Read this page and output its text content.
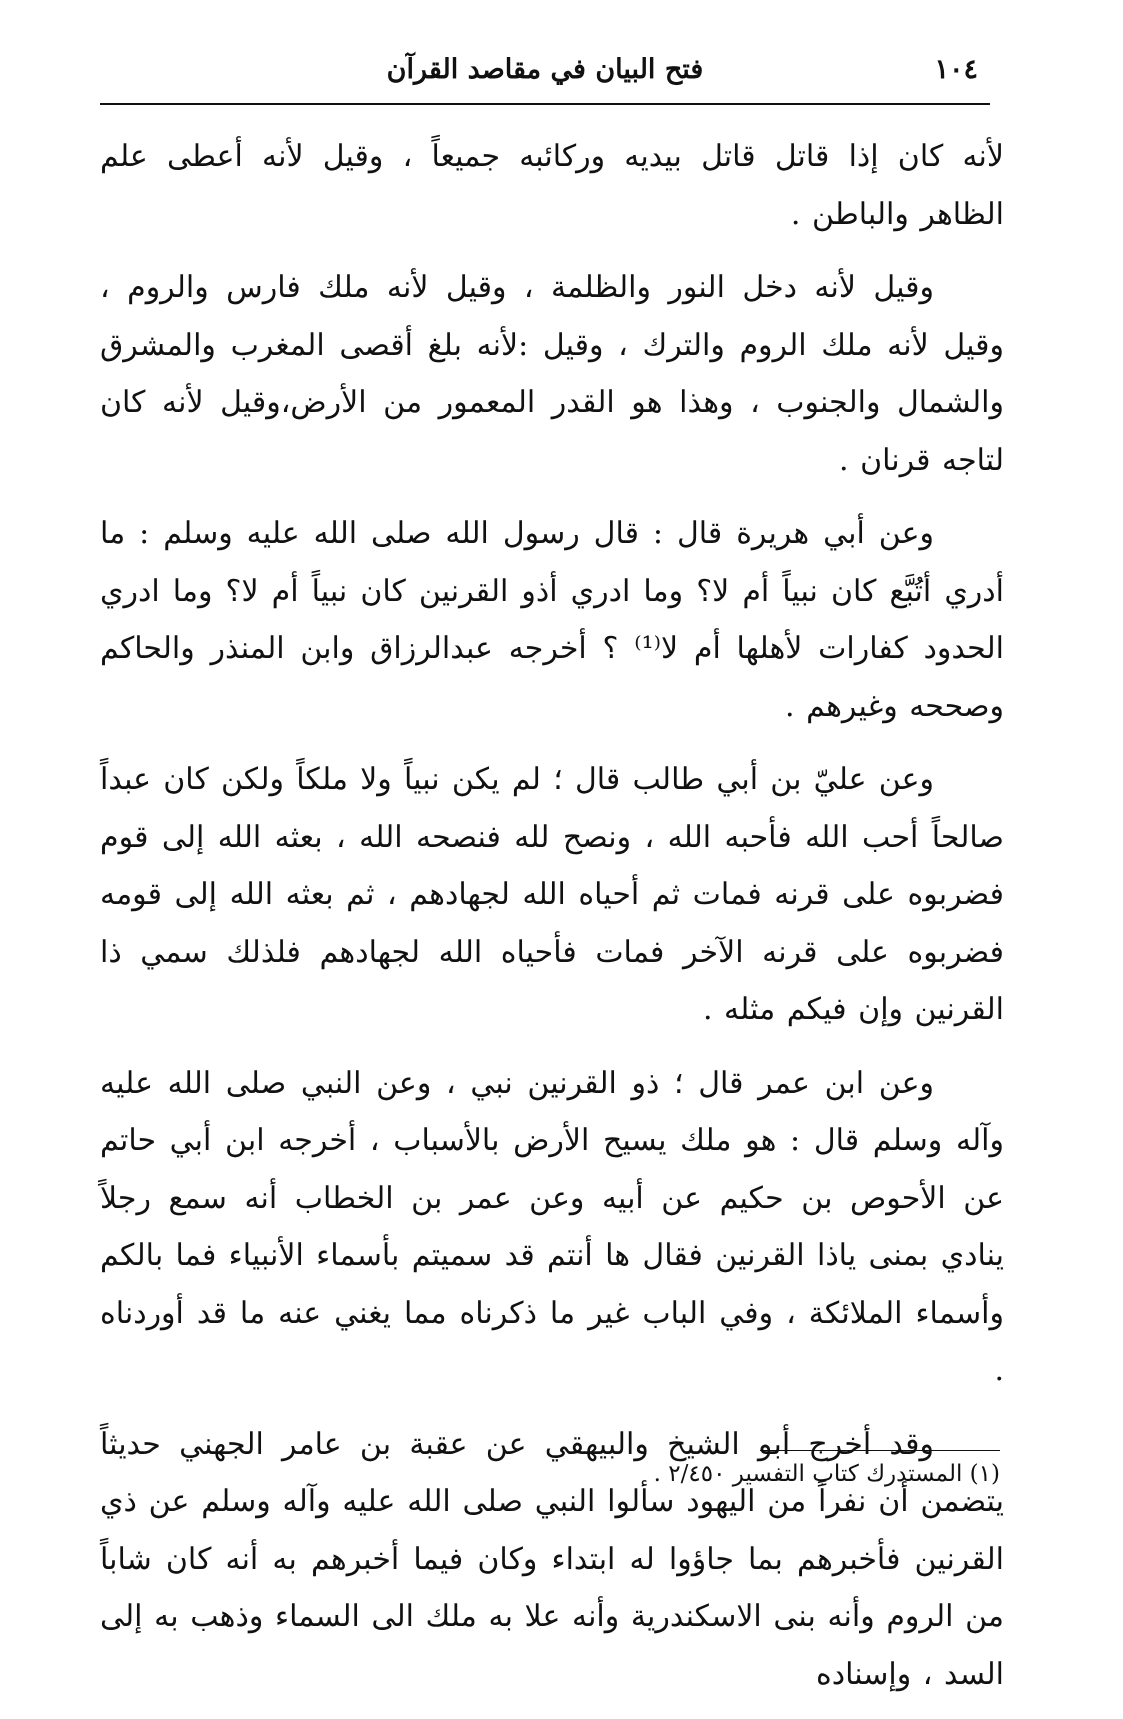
١٠٤
فتح البيان في مقاصد القرآن

لأنه كان إذا قاتل قاتل بيديه وركائبه جميعاً ، وقيل لأنه أعطى علم الظاهر والباطن .

وقيل لأنه دخل النور والظلمة ، وقيل لأنه ملك فارس والروم ، وقيل لأنه ملك الروم والترك ، وقيل :لأنه بلغ أقصى المغرب والمشرق والشمال والجنوب ، وهذا هو القدر المعمور من الأرض،وقيل لأنه كان لتاجه قرنان .

وعن أبي هريرة قال : قال رسول الله صلى الله عليه وسلم : ما أدري أتُبَّع كان نبياً أم لا؟ وما ادري أذو القرنين كان نبياً أم لا؟ وما ادري الحدود كفارات لأهلها أم لا⁽¹⁾ ؟ أخرجه عبدالرزاق وابن المنذر والحاكم وصححه وغيرهم .

وعن عليّ بن أبي طالب قال ؛ لم يكن نبياً ولا ملكاً ولكن كان عبداً صالحاً أحب الله فأحبه الله ، ونصح لله فنصحه الله ، بعثه الله إلى قوم فضربوه على قرنه فمات ثم أحياه الله لجهادهم ، ثم بعثه الله إلى قومه فضربوه على قرنه الآخر فمات فأحياه الله لجهادهم فلذلك سمي ذا القرنين وإن فيكم مثله .

وعن ابن عمر قال ؛ ذو القرنين نبي ، وعن النبي صلى الله عليه وآله وسلم قال : هو ملك يسيح الأرض بالأسباب ، أخرجه ابن أبي حاتم عن الأحوص بن حكيم عن أبيه وعن عمر بن الخطاب أنه سمع رجلاً ينادي بمنى ياذا القرنين فقال ها أنتم قد سميتم بأسماء الأنبياء فما بالكم وأسماء الملائكة ، وفي الباب غير ما ذكرناه مما يغني عنه ما قد أوردناه .

وقد أخرج أبو الشيخ والبيهقي عن عقبة بن عامر الجهني حديثاً يتضمن أن نفراً من اليهود سألوا النبي صلى الله عليه وآله وسلم عن ذي القرنين فأخبرهم بما جاؤوا له ابتداء وكان فيما أخبرهم به أنه كان شاباً من الروم وأنه بنى الاسكندرية وأنه علا به ملك الى السماء وذهب به إلى السد ، وإسناده

(١) المستدرك كتاب التفسير ٢/٤٥٠ .
